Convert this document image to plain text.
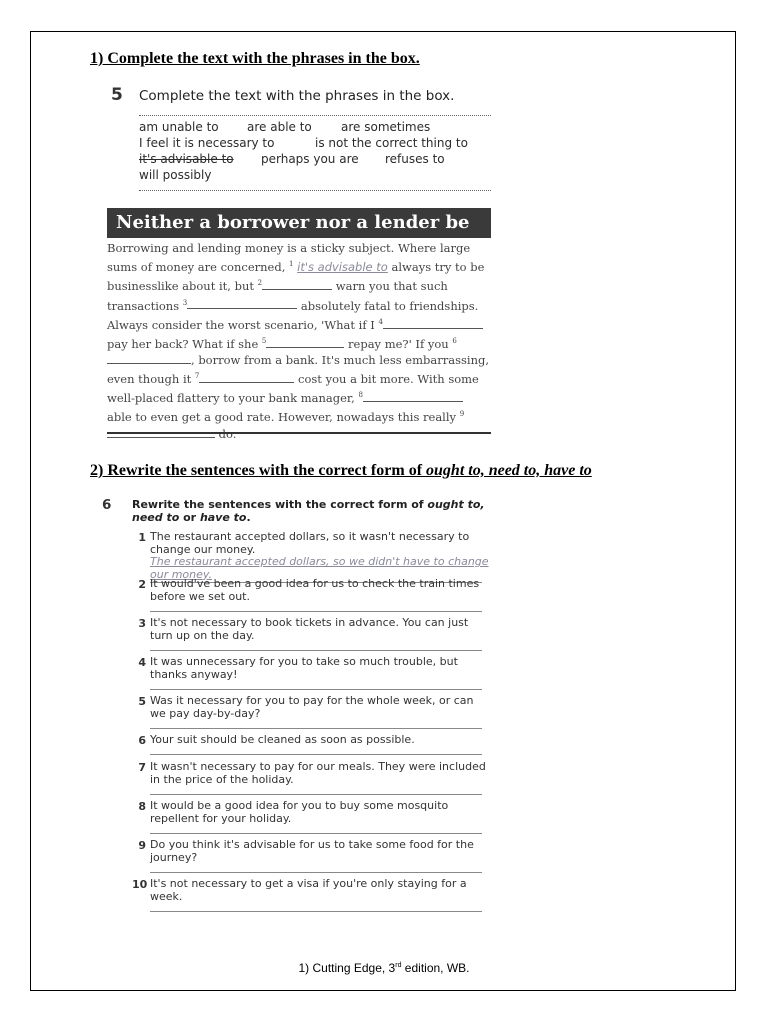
1) Complete the text with the phrases in the box.
5 Complete the text with the phrases in the box.
am unable to are able to are sometimes
I feel it is necessary to	is not the correct thing to
it's advisable to perhaps you are refuses to
will possibly
Neither a borrower nor a lender be
Borrowing and lending money is a sticky subject. Where large sums of money are concerned, $^1$ it's advisable to always try to be businesslike about it, but $^2$	warn you that such transactions $^3$	absolutely fatal to friendships. Always consider the worst scenario, 'What if I $^4$ pay her back? What if she $^5$	repay me?' If you $^6$, borrow from a bank. It's much less embarrassing, even though it $^7$	cost you a bit more. With some well-placed flattery to your bank manager, $^8$ able to even get a good rate. However, nowadays this really $^9$ do.
2) Rewrite the sentences with the correct form of ought to, need to, have to
6 Rewrite the sentences with the correct form of ought to, need to or have to.
1 The restaurant accepted dollars, so it wasn't necessary to change our money.
The restaurant accepted dollars, so we didn't have to change our money.
2 It would've been a good idea for us to check the train times before we set out.
3 It's not necessary to book tickets in advance. You can just turn up on the day.
4 It was unnecessary for you to take so much trouble, but thanks anyway!
5 Was it necessary for you to pay for the whole week, or can we pay day-by-day?
6 Your suit should be cleaned as soon as possible.
7 It wasn't necessary to pay for our meals. They were included in the price of the holiday.
8 It would be a good idea for you to buy some mosquito repellent for your holiday.
9 Do you think it's advisable for us to take some food for the journey?
10 It's not necessary to get a visa if you're only staying for a week.
1) Cutting Edge, 3rd edition, WB.
